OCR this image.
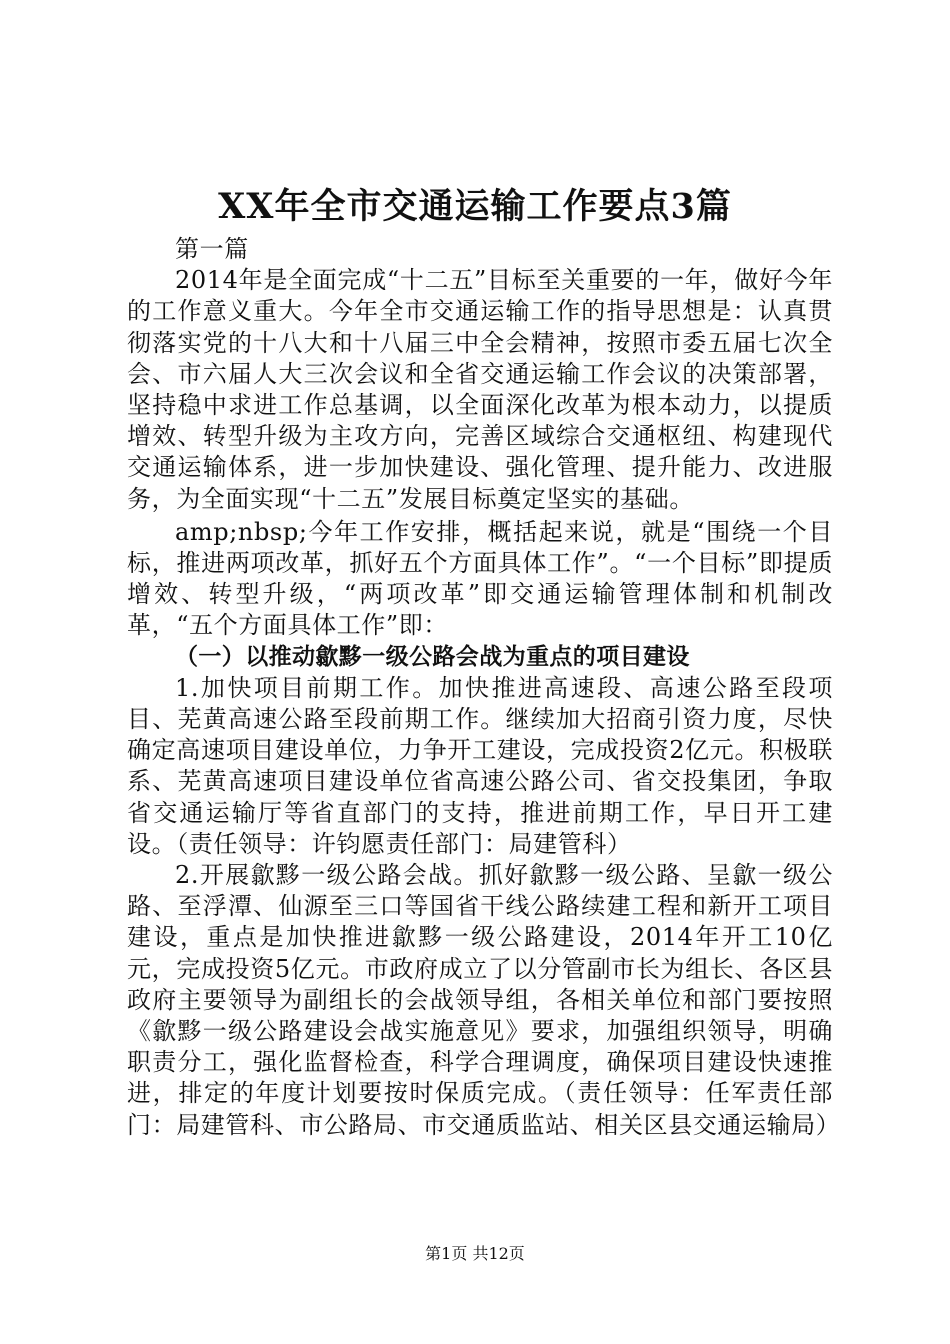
XX年全市交通运输工作要点3篇

第一篇

2014年是全面完成“十二五”目标至关重要的一年，做好今年的工作意义重大。今年全市交通运输工作的指导思想是：认真贯彻落实党的十八大和十八届三中全会精神，按照市委五届七次全会、市六届人大三次会议和全省交通运输工作会议的决策部署，坚持稳中求进工作总基调，以全面深化改革为根本动力，以提质增效、转型升级为主攻方向，完善区域综合交通枢纽、构建现代交通运输体系，进一步加快建设、强化管理、提升能力、改进服务，为全面实现“十二五”发展目标奠定坚实的基础。

amp;nbsp;今年工作安排，概括起来说，就是“围绕一个目标，推进两项改革，抓好五个方面具体工作”。“一个目标”即提质增效、转型升级，“两项改革”即交通运输管理体制和机制改革，“五个方面具体工作”即：

（一）以推动歙黟一级公路会战为重点的项目建设

1.加快项目前期工作。加快推进高速段、高速公路至段项目、芜黄高速公路至段前期工作。继续加大招商引资力度，尽快确定高速项目建设单位，力争开工建设，完成投资2亿元。积极联系、芜黄高速项目建设单位省高速公路公司、省交投集团，争取省交通运输厅等省直部门的支持，推进前期工作，早日开工建设。（责任领导：许钧愿责任部门：局建管科）

2.开展歙黟一级公路会战。抓好歙黟一级公路、呈歙一级公路、至浮潭、仙源至三口等国省干线公路续建工程和新开工项目建设，重点是加快推进歙黟一级公路建设，2014年开工10亿元，完成投资5亿元。市政府成立了以分管副市长为组长、各区县政府主要领导为副组长的会战领导组，各相关单位和部门要按照《歙黟一级公路建设会战实施意见》要求，加强组织领导，明确职责分工，强化监督检查，科学合理调度，确保项目建设快速推进，排定的年度计划要按时保质完成。（责任领导：任军责任部门：局建管科、市公路局、市交通质监站、相关区县交通运输局）

第1页 共12页
